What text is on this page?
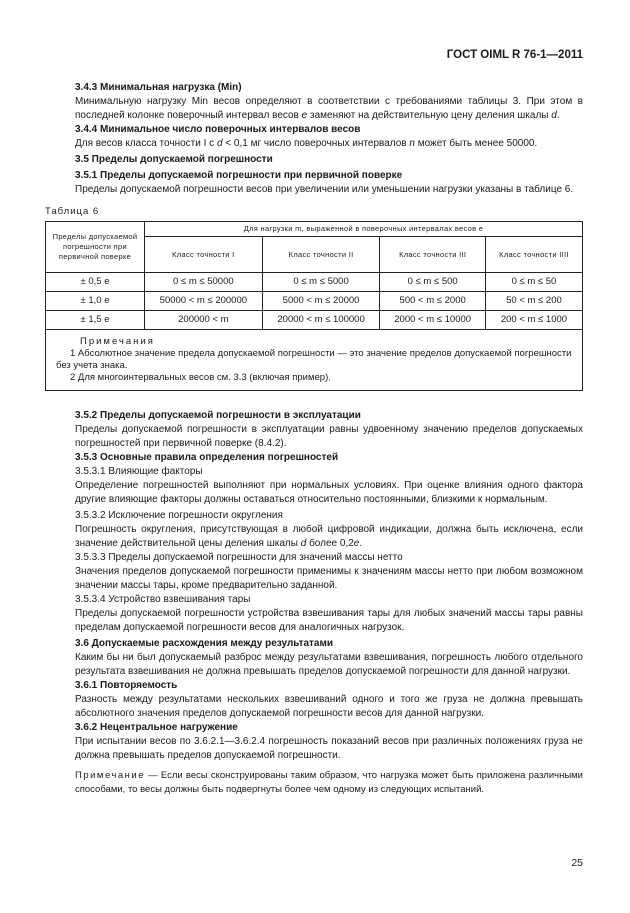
ГОСТ OIML R 76-1—2011

3.4.3 Минимальная нагрузка (Min)

Минимальную нагрузку Min весов определяют в соответствии с требованиями таблицы 3. При этом в последней колонке поверочный интервал весов e заменяют на действительную цену деления шкалы d.

3.4.4 Минимальное число поверочных интервалов весов

Для весов класса точности I с d < 0,1 мг число поверочных интервалов n может быть менее 50000.

3.5 Пределы допускаемой погрешности

3.5.1 Пределы допускаемой погрешности при первичной поверке

Пределы допускаемой погрешности весов при увеличении или уменьшении нагрузки указаны в таблице 6.

Таблица 6

Пределы допускаемой погрешности при первичной поверке	Для нагрузки m, выраженной в поверочных интервалах весов e			
	Класс точности I	Класс точности II	Класс точности III	Класс точности IIII
± 0,5 e	0 ≤ m ≤ 50000	0 ≤ m ≤ 5000	0 ≤ m ≤ 500	0 ≤ m ≤ 50
± 1,0 e	50000 < m ≤ 200000	5000 < m ≤ 20000	500 < m ≤ 2000	50 < m ≤ 200
± 1,5 e	200000 < m	20000 < m ≤ 100000	2000 < m ≤ 10000	200 < m ≤ 1000

Примечания

1 Абсолютное значение предела допускаемой погрешности — это значение пределов допускаемой погрешности без учета знака.

2 Для многоинтервальных весов см. 3.3 (включая пример).				

3.5.2 Пределы допускаемой погрешности в эксплуатации

Пределы допускаемой погрешности в эксплуатации равны удвоенному значению пределов допускаемых погрешностей при первичной поверке (8.4.2).

3.5.3 Основные правила определения погрешностей

3.5.3.1 Влияющие факторы

Определение погрешностей выполняют при нормальных условиях. При оценке влияния одного фактора другие влияющие факторы должны оставаться относительно постоянными, близкими к нормальным.

3.5.3.2 Исключение погрешности округления

Погрешность округления, присутствующая в любой цифровой индикации, должна быть исключена, если значение действительной цены деления шкалы d более 0,2e.

3.5.3.3 Пределы допускаемой погрешности для значений массы нетто

Значения пределов допускаемой погрешности применимы к значениям массы нетто при любом возможном значении массы тары, кроме предварительно заданной.

3.5.3.4 Устройство взвешивания тары

Пределы допускаемой погрешности устройства взвешивания тары для любых значений массы тары равны пределам допускаемой погрешности весов для аналогичных нагрузок.

3.6 Допускаемые расхождения между результатами

Каким бы ни был допускаемый разброс между результатами взвешивания, погрешность любого отдельного результата взвешивания не должна превышать пределов допускаемой погрешности для данной нагрузки.

3.6.1 Повторяемость

Разность между результатами нескольких взвешиваний одного и того же груза не должна превышать абсолютного значения пределов допускаемой погрешности весов для данной нагрузки.

3.6.2 Нецентральное нагружение

При испытании весов по 3.6.2.1—3.6.2.4 погрешность показаний весов при различных положениях груза не должна превышать пределов допускаемой погрешности.

Примечание — Если весы сконструированы таким образом, что нагрузка может быть приложена различными способами, то весы должны быть подвергнуты более чем одному из следующих испытаний.

25
